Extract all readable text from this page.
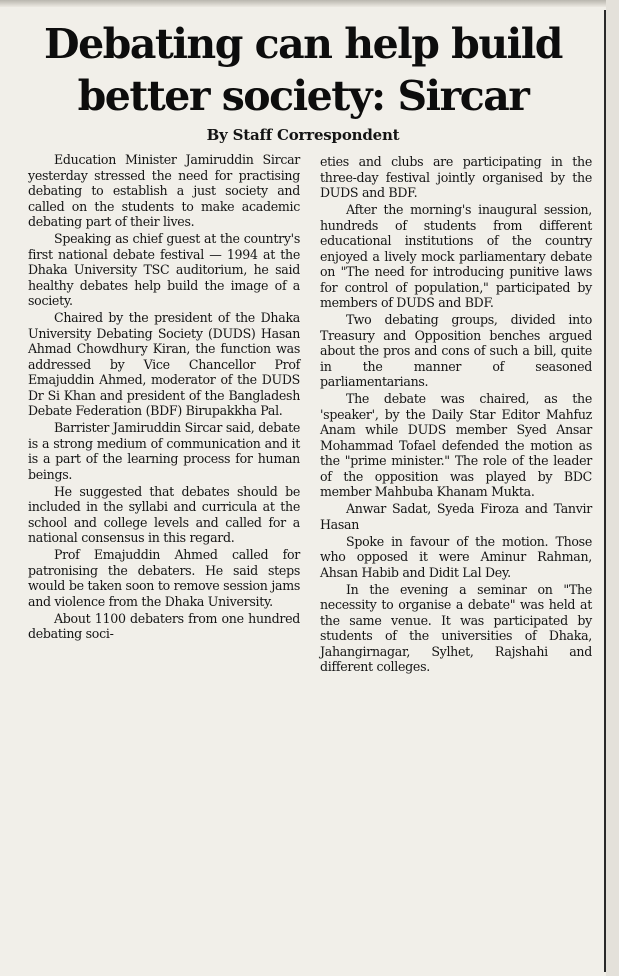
Debating can help build better society: Sircar
By Staff Correspondent

Education Minister Jamiruddin Sircar yesterday stressed the need for practising debating to establish a just society and called on the students to make academic debating part of their lives.

Speaking as chief guest at the country's first national debate festival — 1994 at the Dhaka University TSC auditorium, he said healthy debates help build the image of a society.

Chaired by the president of the Dhaka University Debating Society (DUDS) Hasan Ahmad Chowdhury Kiran, the function was addressed by Vice Chancellor Prof Emajuddin Ahmed, moderator of the DUDS Dr Si Khan and president of the Bangladesh Debate Federation (BDF) Birupakkha Pal.

Barrister Jamiruddin Sircar said, debate is a strong medium of communication and it is a part of the learning process for human beings.

He suggested that debates should be included in the syllabi and curricula at the school and college levels and called for a national consensus in this regard.

Prof Emajuddin Ahmed called for patronising the debaters. He said steps would be taken soon to remove session jams and violence from the Dhaka University.

About 1100 debaters from one hundred debating soci-

eties and clubs are participating in the three-day festival jointly organised by the DUDS and BDF.

After the morning's inaugural session, hundreds of students from different educational institutions of the country enjoyed a lively mock parliamentary debate on "The need for introducing punitive laws for control of population," participated by members of DUDS and BDF.

Two debating groups, divided into Treasury and Opposition benches argued about the pros and cons of such a bill, quite in the manner of seasoned parliamentarians.

The debate was chaired, as the 'speaker', by the Daily Star Editor Mahfuz Anam while DUDS member Syed Ansar Mohammad Tofael defended the motion as the "prime minister." The role of the leader of the opposition was played by BDC member Mahbuba Khanam Mukta.

Anwar Sadat, Syeda Firoza and Tanvir Hasan

Spoke in favour of the motion. Those who opposed it were Aminur Rahman, Ahsan Habib and Didit Lal Dey.

In the evening a seminar on "The necessity to organise a debate" was held at the same venue. It was participated by students of the universities of Dhaka, Jahangirnagar, Sylhet, Rajshahi and different colleges.
